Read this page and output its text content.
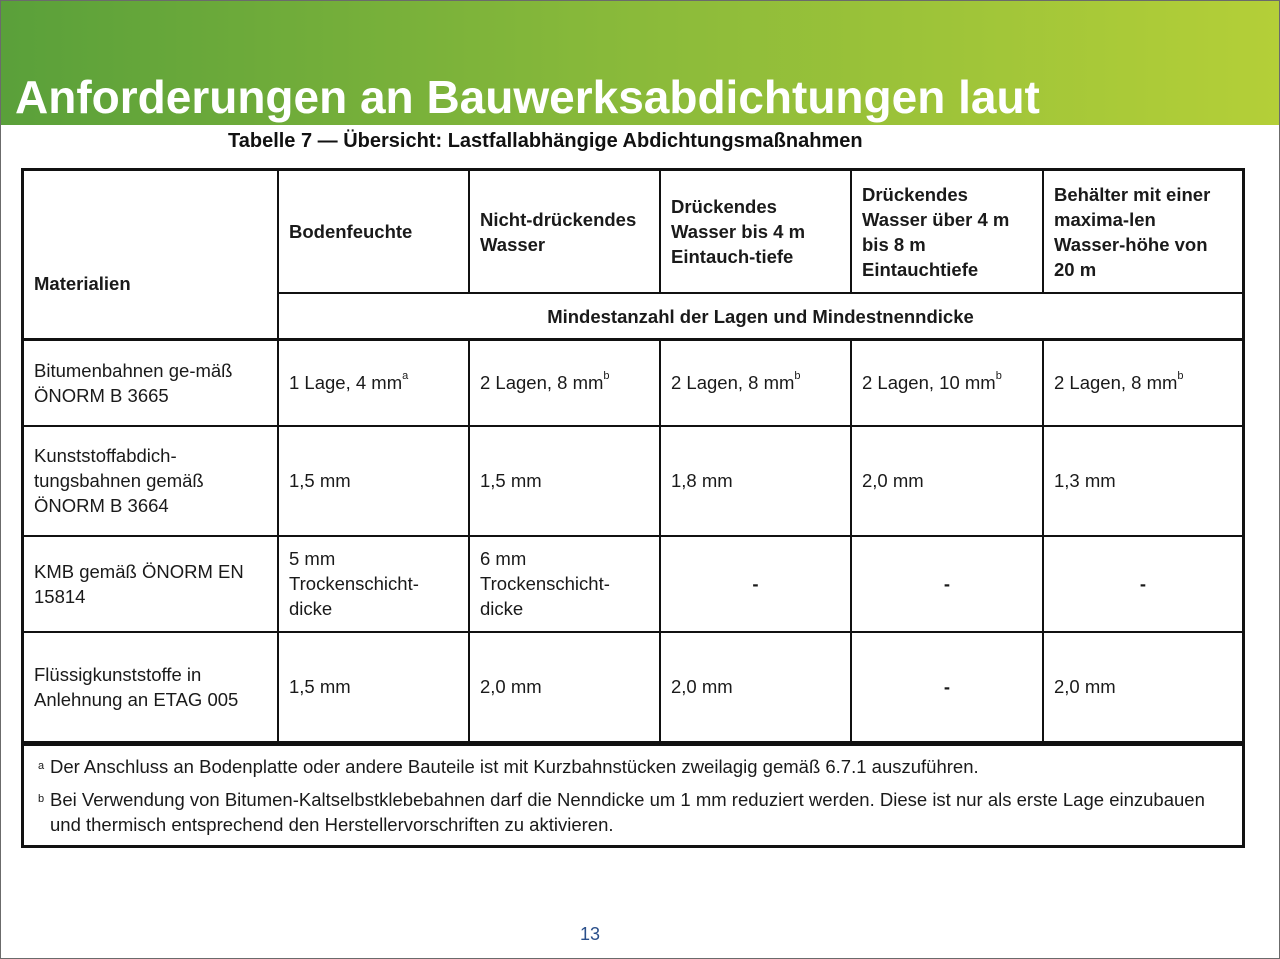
Anforderungen an Bauwerksabdichtungen laut
Tabelle 7 — Übersicht: Lastfallabhängige Abdichtungsmaßnahmen
Materialien	Bodenfeuchte	Nicht-drückendes Wasser	Drückendes Wasser bis 4 m Eintauch-tiefe	Drückendes Wasser über 4 m bis 8 m Eintauchtiefe	Behälter mit einer maxima-len Wasser-höhe von 20 m
	Mindestanzahl der Lagen und Mindestnenndicke				
Bitumenbahnen ge-mäß ÖNORM B 3665	1 Lage, 4 $mm^a$	2 Lagen, 8 $mm^b$	2 Lagen, 8 $mm^b$	2 Lagen, 10 $mm^b$	2 Lagen, 8 $mm^b$
Kunststoffabdich-tungsbahnen gemäß ÖNORM B 3664	1,5 mm	1,5 mm	1,8 mm	2,0 mm	1,3 mm
KMB gemäß ÖNORM EN 15814	5 mm Trockenschicht-dicke	6 mm Trockenschicht-dicke	-	-	-
Flüssigkunststoffe in Anlehnung an ETAG 005	1,5 mm	2,0 mm	2,0 mm	-	2,0 mm
a Der Anschluss an Bodenplatte oder andere Bauteile ist mit Kurzbahnstücken zweilagig gemäß 6.7.1 auszuführen.
b Bei Verwendung von Bitumen-Kaltselbstklebebahnen darf die Nenndicke um 1 mm reduziert werden. Diese ist nur als erste Lage einzubauen und thermisch entsprechend den Herstellervorschriften zu aktivieren.
13
